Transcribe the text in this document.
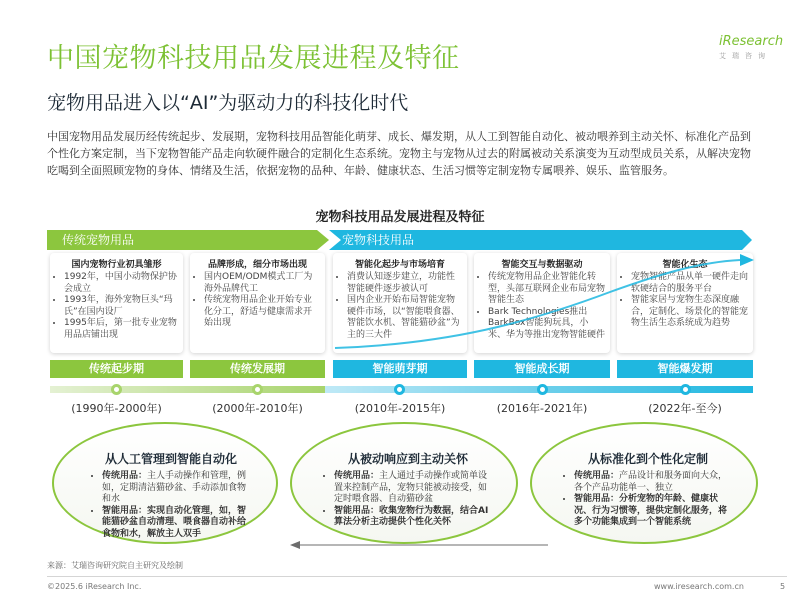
中国宠物科技用品发展进程及特征
iResearch
艾瑞咨询
宠物用品进入以“AI”为驱动力的科技化时代
中国宠物用品发展历经传统起步、发展期，宠物科技用品智能化萌芽、成长、爆发期，从人工到智能自动化、被动喂养到主动关怀、标准化产品到个性化方案定制，当下宠物智能产品走向软硬件融合的定制化生态系统。宠物主与宠物从过去的附属被动关系演变为互动型成员关系，从解决宠物吃喝到全面照顾宠物的身体、情绪及生活，依据宠物的品种、年龄、健康状态、生活习惯等定制宠物专属喂养、娱乐、监管服务。
宠物科技用品发展进程及特征
传统宠物用品	宠物科技用品
国内宠物行业初具雏形
• 1992年，中国小动物保护协会成立
• 1993年，海外宠物巨头“玛氏”在国内设厂
• 1995年后，第一批专业宠物用品店铺出现
品牌形成，细分市场出现
• 国内OEM/ODM模式工厂为海外品牌代工
• 传统宠物用品企业开始专业化分工，舒适与健康需求开始出现
智能化起步与市场培育
• 消费认知逐步建立，功能性智能硬件逐步被认可
• 国内企业开始布局智能宠物硬件市场，以“智能喂食器、智能饮水机、智能猫砂盆”为主的三大件
智能交互与数据驱动
• 传统宠物用品企业智能化转型，头部互联网企业布局宠物智能生态
• Bark Technologies推出BarkBox智能狗玩具，小米、华为等推出宠物智能硬件
智能化生态
• 宠物智能产品从单一硬件走向软硬结合的服务平台
• 智能家居与宠物生态深度融合，定制化、场景化的智能宠物生活生态系统成为趋势
传统起步期	传统发展期	智能萌芽期	智能成长期	智能爆发期
(1990年-2000年)	(2000年-2010年)	(2010年-2015年)	(2016年-2021年)	(2022年-至今)
从人工管理到智能自动化
• 传统用品：主人手动操作和管理，例如，定期清洁猫砂盆、手动添加食物和水
• 智能用品：实现自动化管理，如，智能猫砂盆自动清理、喂食器自动补给食物和水，解放主人双手
从被动响应到主动关怀
• 传统用品：主人通过手动操作或简单设置来控制产品，宠物只能被动接受，如定时喂食器、自动猫砂盆
• 智能用品：收集宠物行为数据，结合AI算法分析主动提供个性化关怀
从标准化到个性化定制
• 传统用品：产品设计和服务面向大众，各个产品功能单一、独立
• 智能用品：分析宠物的年龄、健康状况、行为习惯等，提供定制化服务，将多个功能集成到一个智能系统
来源：艾瑞咨询研究院自主研究及绘制
©2025.6 iResearch Inc.	www.iresearch.com.cn	5
